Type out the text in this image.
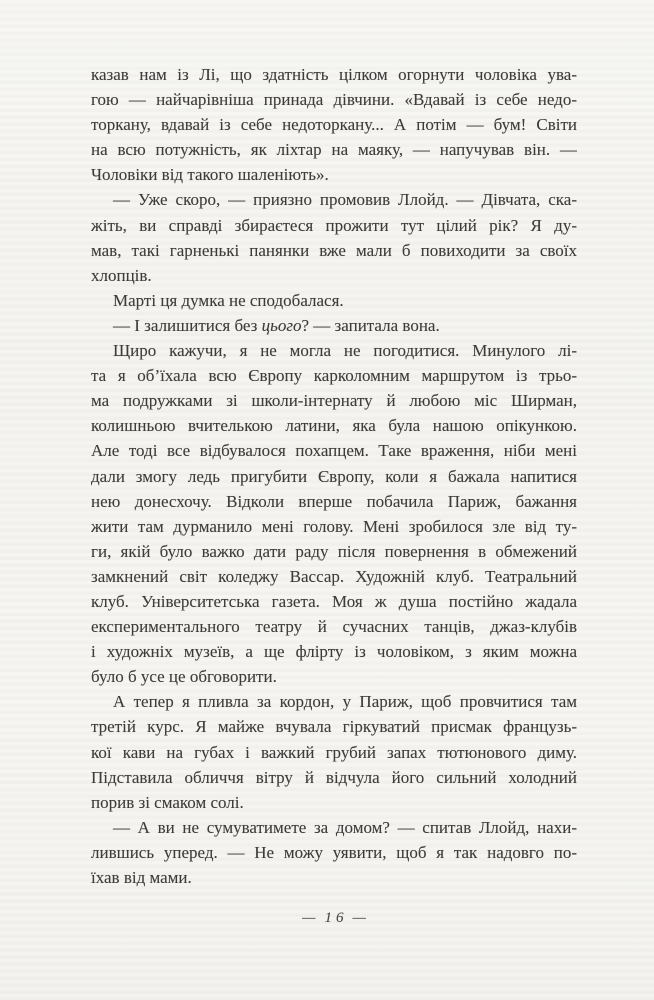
казав нам із Лі, що здатність цілком огорнути чоловіка ува-
гою — найчарівніша принада дівчини. «Вдавай із себе недо-
торкану, вдавай із себе недоторкану... А потім — бум! Світи
на всю потужність, як ліхтар на маяку, — напучував він. —
Чоловіки від такого шаленіють».
— Уже скоро, — приязно промовив Ллойд. — Дівчата, ска-
жіть, ви справді збираєтеся прожити тут цілий рік? Я ду-
мав, такі гарненькі панянки вже мали б повиходити за своїх
хлопців.
Марті ця думка не сподобалася.
— І залишитися без цього? — запитала вона.
Щиро кажучи, я не могла не погодитися. Минулого лі-
та я об’їхала всю Європу карколомним маршрутом із трьо-
ма подружками зі школи-інтернату й любою міс Ширман,
колишньою вчителькою латини, яка була нашою опікункою.
Але тоді все відбувалося похапцем. Таке враження, ніби мені
дали змогу ледь пригубити Європу, коли я бажала напитися
нею донесхочу. Відколи вперше побачила Париж, бажання
жити там дурманило мені голову. Мені зробилося зле від ту-
ги, якій було важко дати раду після повернення в обмежений
замкнений світ коледжу Вассар. Художній клуб. Театральний
клуб. Університетська газета. Моя ж душа постійно жадала
експериментального театру й сучасних танців, джаз-клубів
і художніх музеїв, а ще флірту із чоловіком, з яким можна
було б усе це обговорити.
А тепер я пливла за кордон, у Париж, щоб провчитися там
третій курс. Я майже вчувала гіркуватий присмак французь-
кої кави на губах і важкий грубий запах тютюнового диму.
Підставила обличчя вітру й відчула його сильний холодний
порив зі смаком солі.
— А ви не сумуватимете за домом? — спитав Ллойд, нахи-
лившись уперед. — Не можу уявити, щоб я так надовго по-
їхав від мами.
— 16 —
